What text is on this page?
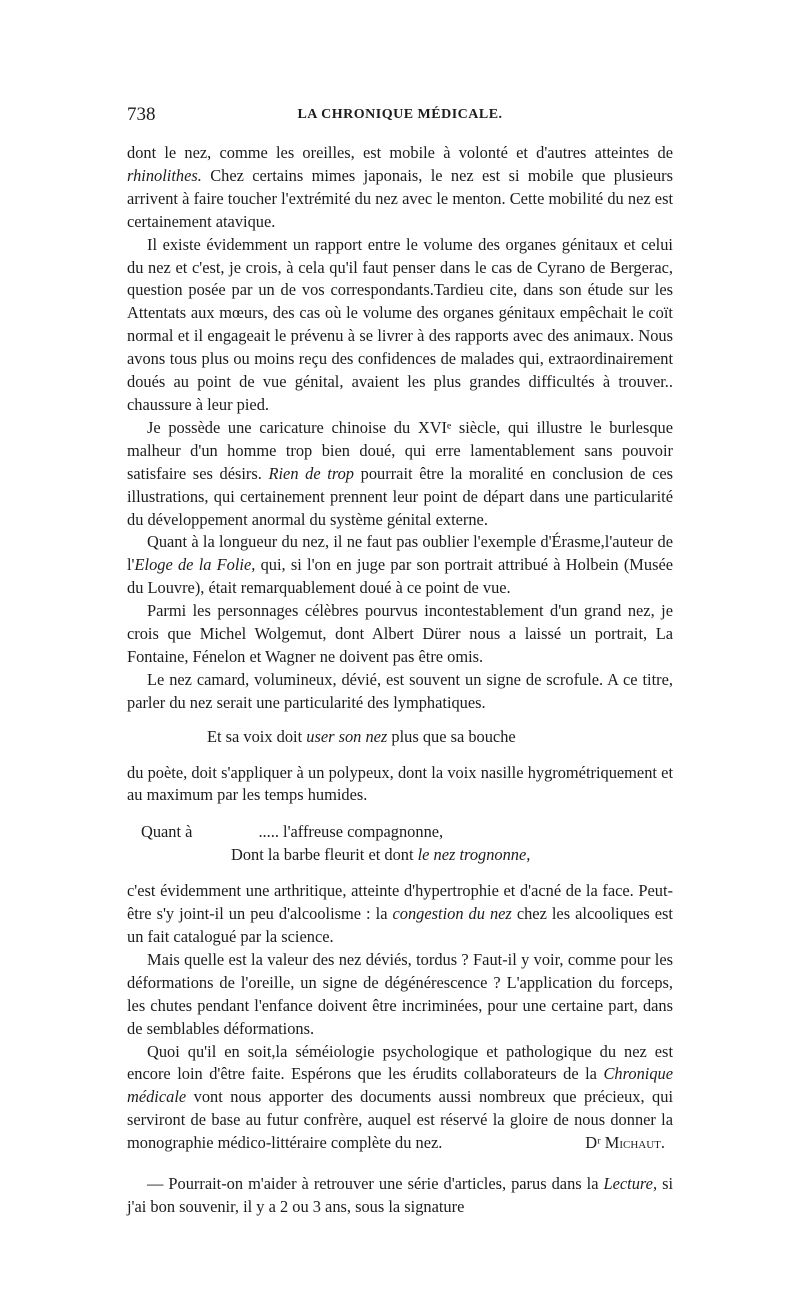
738	LA CHRONIQUE MÉDICALE.

dont le nez, comme les oreilles, est mobile à volonté et d'autres atteintes de rhinolithes. Chez certains mimes japonais, le nez est si mobile que plusieurs arrivent à faire toucher l'extrémité du nez avec le menton. Cette mobilité du nez est certainement atavique.

Il existe évidemment un rapport entre le volume des organes génitaux et celui du nez et c'est, je crois, à cela qu'il faut penser dans le cas de Cyrano de Bergerac, question posée par un de vos correspondants.Tardieu cite, dans son étude sur les Attentats aux mœurs, des cas où le volume des organes génitaux empêchait le coït normal et il engageait le prévenu à se livrer à des rapports avec des animaux. Nous avons tous plus ou moins reçu des confidences de malades qui, extraordinairement doués au point de vue génital, avaient les plus grandes difficultés à trouver.. chaussure à leur pied.

Je possède une caricature chinoise du XVIᵉ siècle, qui illustre le burlesque malheur d'un homme trop bien doué, qui erre lamentablement sans pouvoir satisfaire ses désirs. Rien de trop pourrait être la moralité en conclusion de ces illustrations, qui certainement prennent leur point de départ dans une particularité du développement anormal du système génital externe.

Quant à la longueur du nez, il ne faut pas oublier l'exemple d'Érasme,l'auteur de l'Eloge de la Folie, qui, si l'on en juge par son portrait attribué à Holbein (Musée du Louvre), était remarquablement doué à ce point de vue.

Parmi les personnages célèbres pourvus incontestablement d'un grand nez, je crois que Michel Wolgemut, dont Albert Dürer nous a laissé un portrait, La Fontaine, Fénelon et Wagner ne doivent pas être omis.

Le nez camard, volumineux, dévié, est souvent un signe de scrofule. A ce titre, parler du nez serait une particularité des lymphatiques.

Et sa voix doit user son nez plus que sa bouche

du poète, doit s'appliquer à un polypeux, dont la voix nasille hygrométriquement et au maximum par les temps humides.

Quant à	..... l'affreuse compagnonne,
Dont la barbe fleurit et dont le nez trognonne,

c'est évidemment une arthritique, atteinte d'hypertrophie et d'acné de la face. Peut-être s'y joint-il un peu d'alcoolisme : la congestion du nez chez les alcooliques est un fait catalogué par la science.

Mais quelle est la valeur des nez déviés, tordus ? Faut-il y voir, comme pour les déformations de l'oreille, un signe de dégénérescence ? L'application du forceps, les chutes pendant l'enfance doivent être incriminées, pour une certaine part, dans de semblables déformations.

Quoi qu'il en soit,la séméiologie psychologique et pathologique du nez est encore loin d'être faite. Espérons que les érudits collaborateurs de la Chronique médicale vont nous apporter des documents aussi nombreux que précieux, qui serviront de base au futur confrère, auquel est réservé la gloire de nous donner la monographie médico-littéraire complète du nez.	Dʳ Michaut.

— Pourrait-on m'aider à retrouver une série d'articles, parus dans la Lecture, si j'ai bon souvenir, il y a 2 ou 3 ans, sous la signature
